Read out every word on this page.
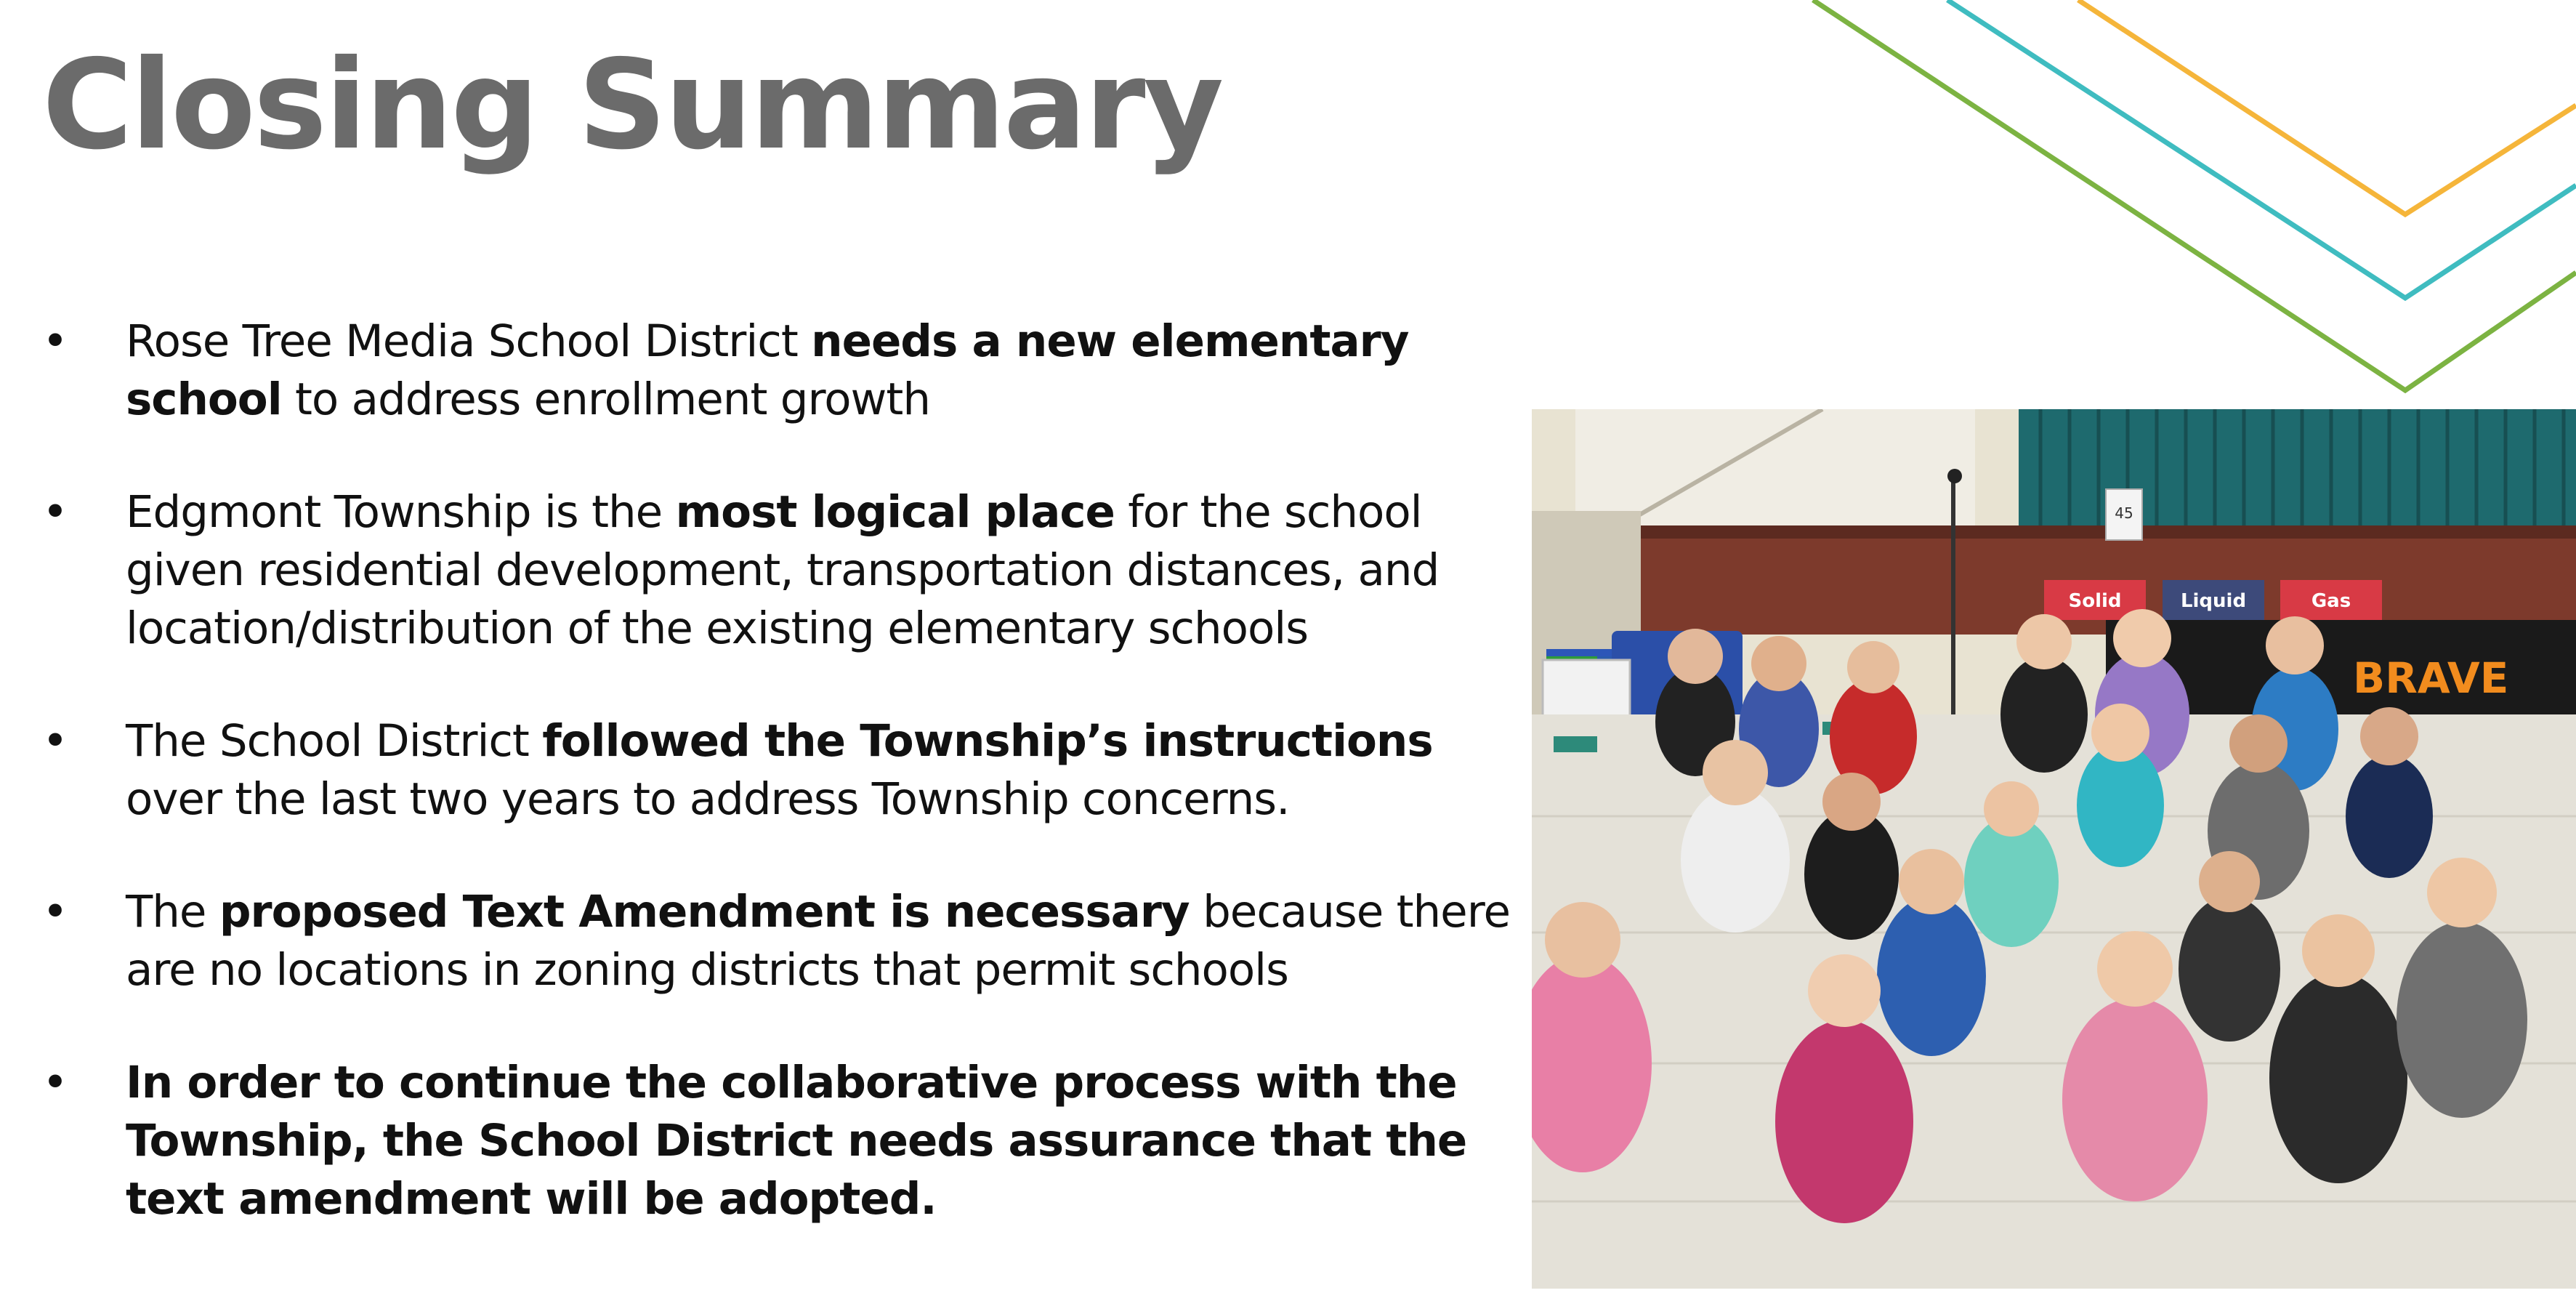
Closing Summary
• Rose Tree Media School District needs a new elementary
school to address enrollment growth
• Edgmont Township is the most logical place for the school
given residential development, transportation distances, and
location/distribution of the existing elementary schools
• The School District followed the Township’s instructions
over the last two years to address Township concerns.
• The proposed Text Amendment is necessary because there
are no locations in zoning districts that permit schools
• In order to continue the collaborative process with the
Township, the School District needs assurance that the
text amendment will be adopted.
Solid	Liquid	Gas
45
BRAVE
